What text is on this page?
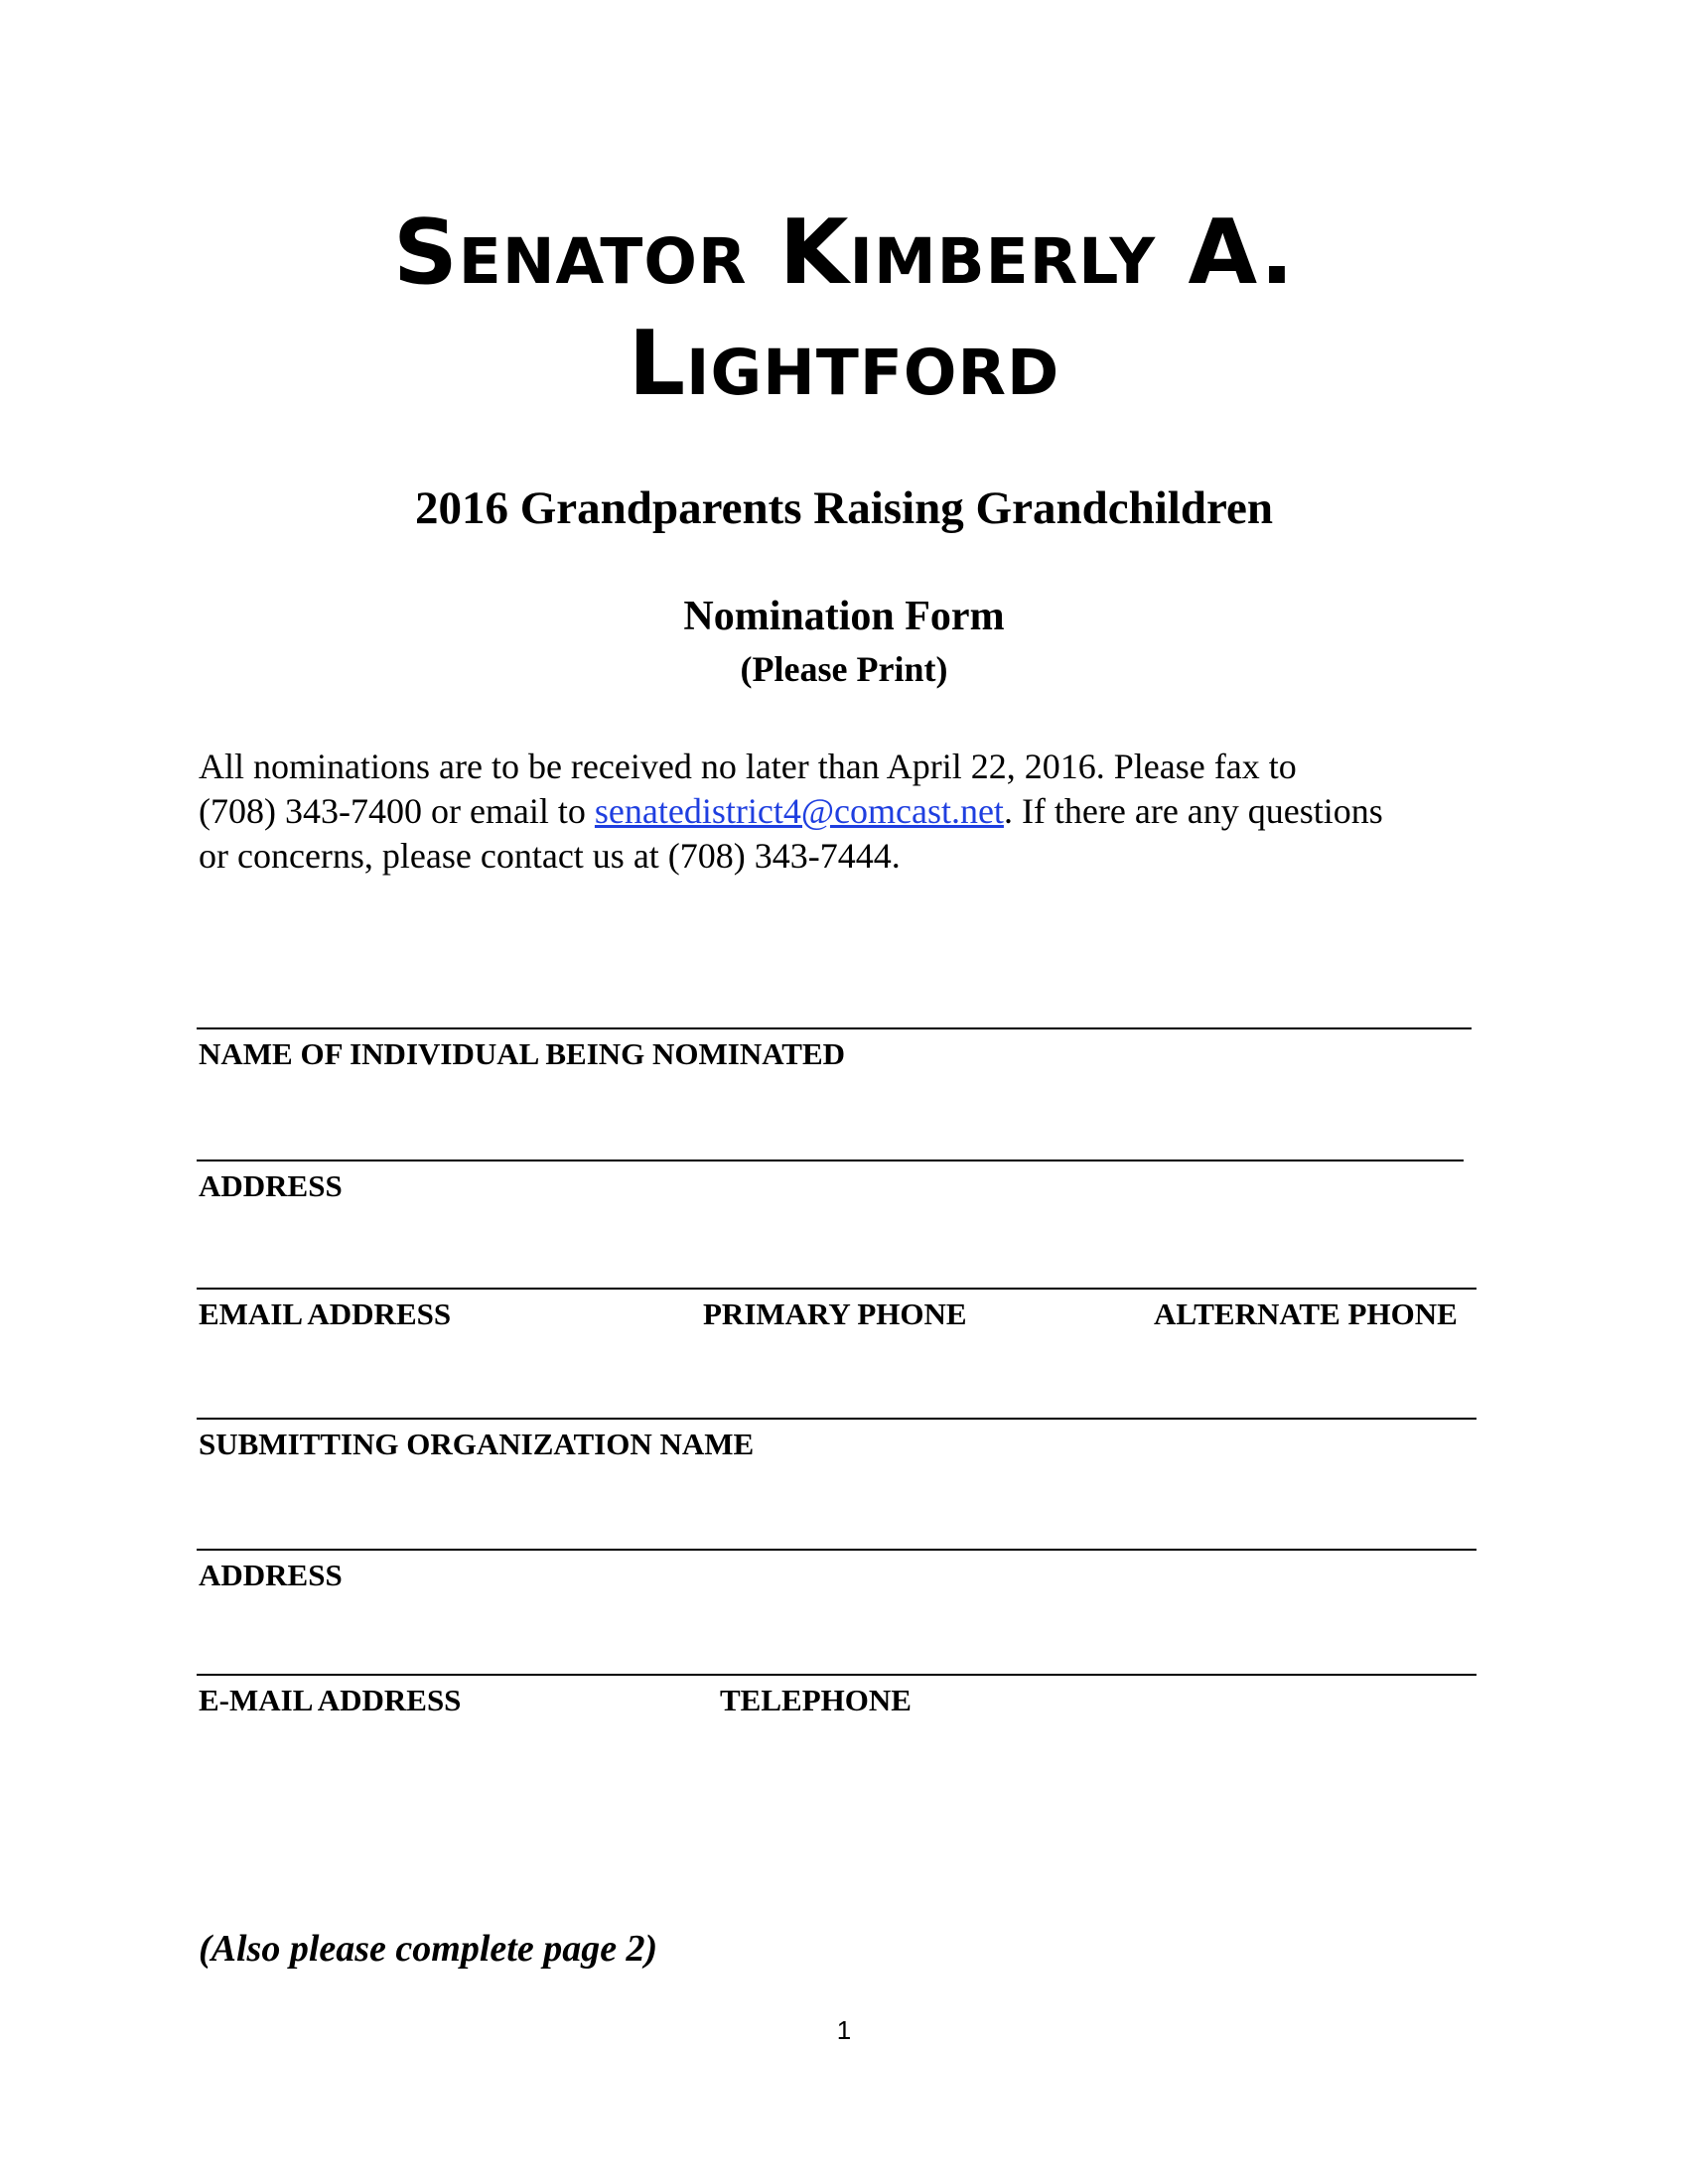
Senator Kimberly A.
Lightford
2016 Grandparents Raising Grandchildren
Nomination Form
(Please Print)
All nominations are to be received no later than April 22, 2016. Please fax to
(708) 343-7400 or email to senatedistrict4@comcast.net. If there are any questions
or concerns, please contact us at (708) 343-7444.
NAME OF INDIVIDUAL BEING NOMINATED
ADDRESS
EMAIL ADDRESS	PRIMARY PHONE	ALTERNATE PHONE
SUBMITTING ORGANIZATION NAME
ADDRESS
E-MAIL ADDRESS	TELEPHONE
(Also please complete page 2)
1
